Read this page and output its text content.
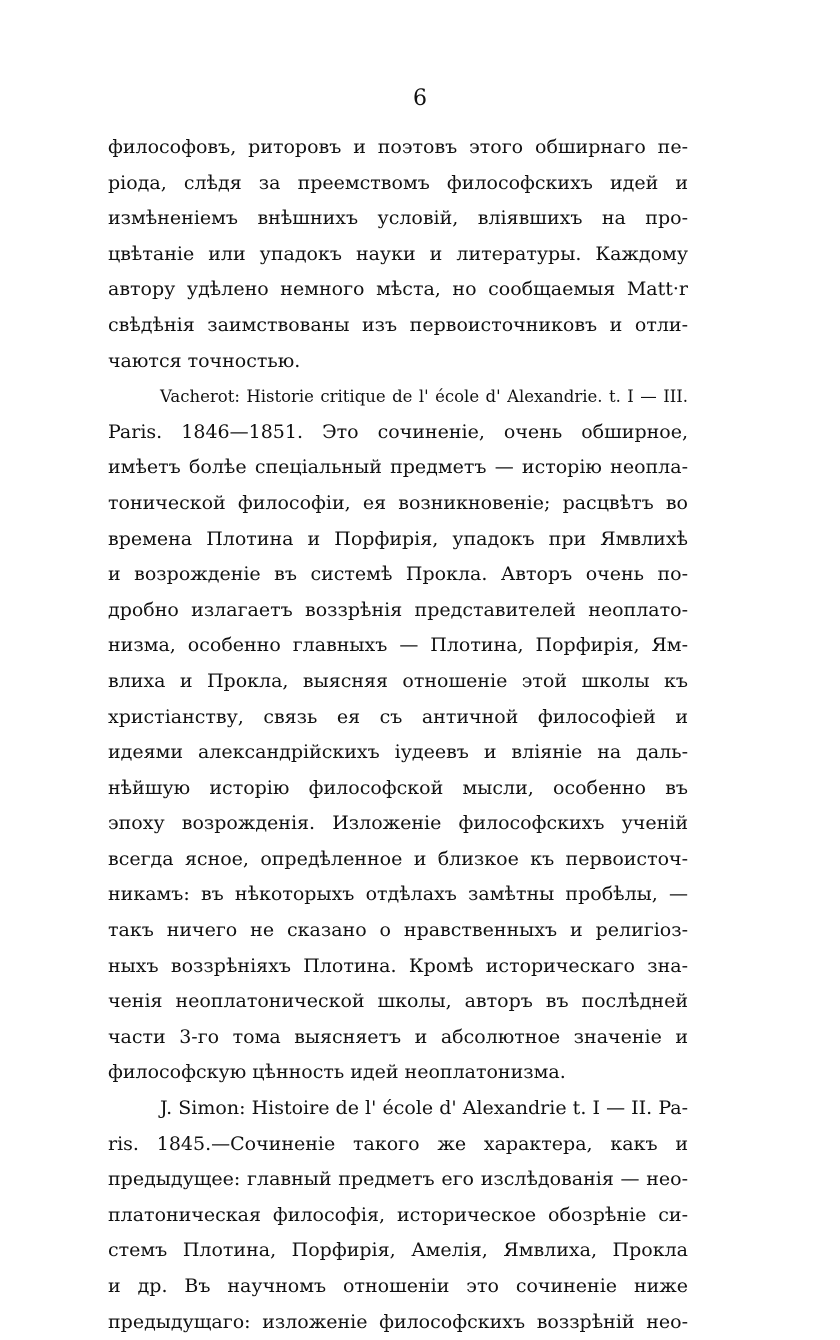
6
философовъ, риторовъ и поэтовъ этого обширнаго пе-
ріода, слѣдя за преемствомъ философскихъ идей и
измѣненіемъ внѣшнихъ условій, вліявшихъ на про-
цвѣтаніе или упадокъ науки и литературы. Каждому
автору удѣлено немного мѣста, но сообщаемыя Matt·r
свѣдѣнія заимствованы изъ первоисточниковъ и отли-
чаются точностью.
Vacherot: Historie critique de l' école d' Alexandrie. t. I — III.
Paris. 1846—1851. Это сочиненіе, очень обширное,
имѣетъ болѣе спеціальный предметъ — исторію неопла-
тонической философіи, ея возникновеніе; расцвѣтъ во
времена Плотина и Порфирія, упадокъ при Ямвлихѣ
и возрожденіе въ системѣ Прокла. Авторъ очень по-
дробно излагаетъ воззрѣнія представителей неоплато-
низма, особенно главныхъ — Плотина, Порфирія, Ям-
влиха и Прокла, выясняя отношеніе этой школы къ
христіанству, связь ея съ античной философіей и
идеями александрійскихъ іудеевъ и вліяніе на даль-
нѣйшую исторію философской мысли, особенно въ
эпоху возрожденія. Изложеніе философскихъ ученій
всегда ясное, опредѣленное и близкое къ первоисточ-
никамъ: въ нѣкоторыхъ отдѣлахъ замѣтны пробѣлы, —
такъ ничего не сказано о нравственныхъ и религіоз-
ныхъ воззрѣніяхъ Плотина. Кромѣ историческаго зна-
ченія неоплатонической школы, авторъ въ послѣдней
части 3-го тома выясняетъ и абсолютное значеніе и
философскую цѣнность идей неоплатонизма.
J. Simon: Histoire de l' école d' Alexandrie t. I — II. Pa-
ris. 1845.—Сочиненіе такого же характера, какъ и
предыдущее: главный предметъ его изслѣдованія — нео-
платоническая философія, историческое обозрѣніе си-
стемъ Плотина, Порфирія, Амелія, Ямвлиха, Прокла
и др. Въ научномъ отношеніи это сочиненіе ниже
предыдущаго: изложеніе философскихъ воззрѣній нео-
